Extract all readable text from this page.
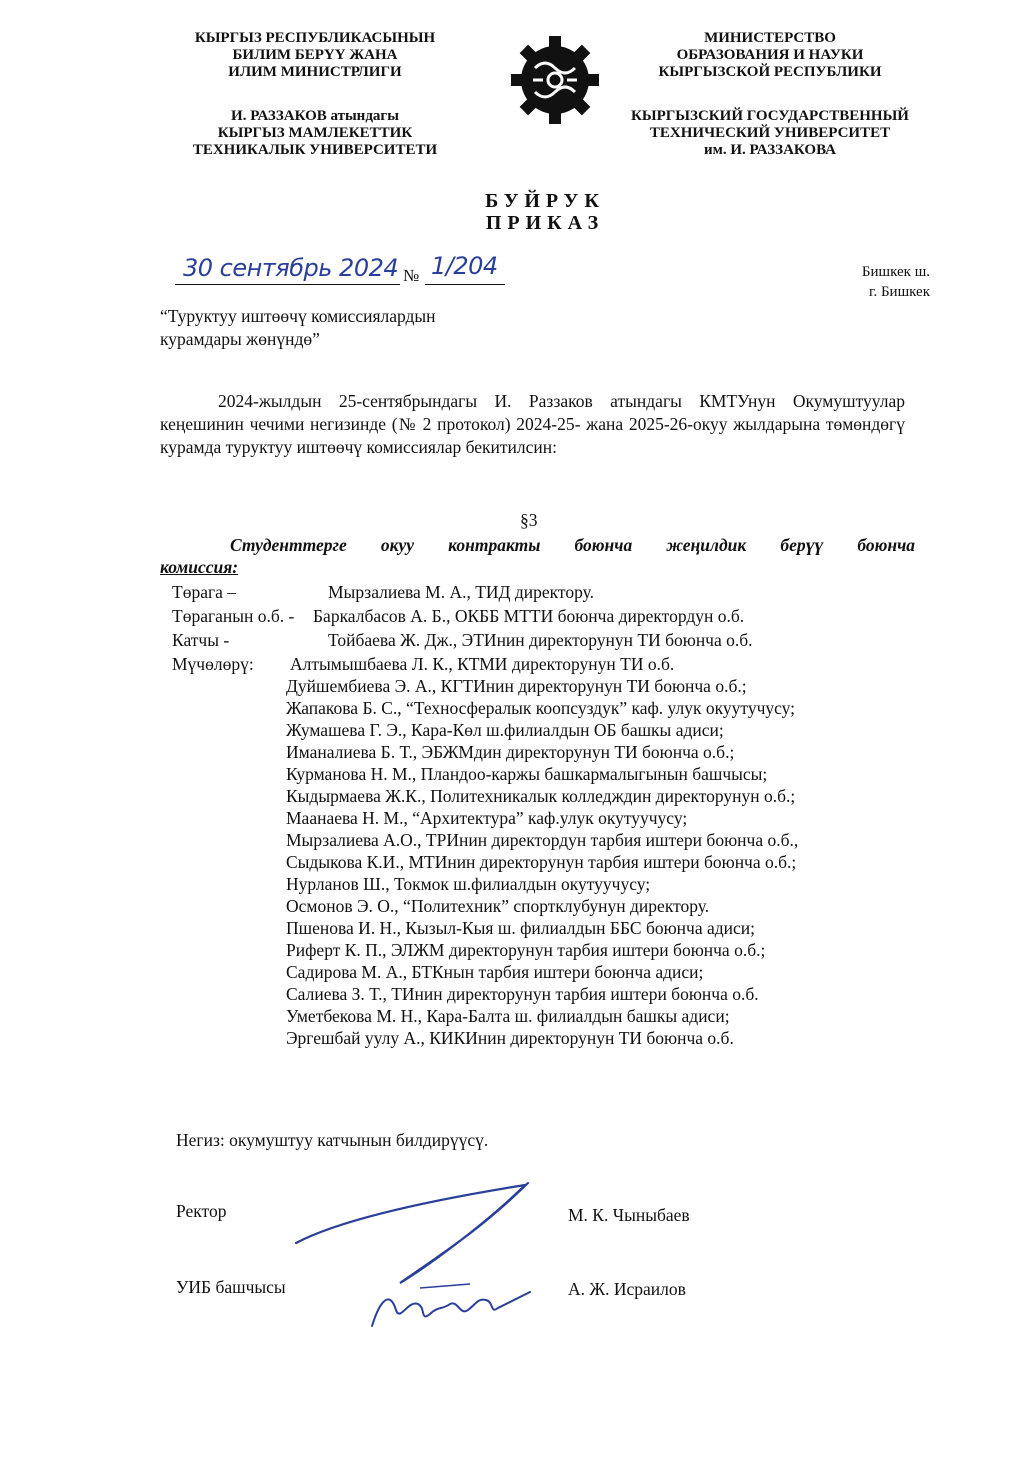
КЫРГЫЗ РЕСПУБЛИКАСЫНЫН
БИЛИМ БЕРҮҮ ЖАНА
ИЛИМ МИНИСТРЛИГИ
И. РАЗЗАКОВ атындагы
КЫРГЫЗ МАМЛЕКЕТТИК
ТЕХНИКАЛЫК УНИВЕРСИТЕТИ
МИНИСТЕРСТВО
ОБРАЗОВАНИЯ И НАУКИ
КЫРГЫЗСКОЙ РЕСПУБЛИКИ
КЫРГЫЗСКИЙ ГОСУДАРСТВЕННЫЙ
ТЕХНИЧЕСКИЙ УНИВЕРСИТЕТ
им. И. РАЗЗАКОВА
БУЙРУК
ПРИКАЗ
30 сентябрь 2024 № 1/204	Бишкек ш.
г. Бишкек
“Туруктуу иштөөчү комиссиялардын
курамдары жөнүндө”
2024-жылдын 25-сентябрындагы И. Раззаков атындагы КМТУнун Окумуштуулар кеңешинин чечими негизинде (№ 2 протокол) 2024-25- жана 2025-26-окуу жылдарына төмөндөгү курамда туруктуу иштөөчү комиссиялар бекитилсин:
§3
Студенттерге окуу контракты боюнча жеңилдик берүү боюнча
комиссия:
Төрага –	Мырзалиева М. А., ТИД директору.
Төраганын о.б. - Баркалбасов А. Б., ОКББ МТТИ боюнча директордун о.б.
Катчы -	Тойбаева Ж. Дж., ЭТИнин директорунун ТИ боюнча о.б.
Мүчөлөрү: Алтымышбаева Л. К., КТМИ директорунун ТИ о.б.
Дуйшембиева Э. А., КГТИнин директорунун ТИ боюнча о.б.;
Жапакова Б. С., “Техносфералык коопсуздук” каф. улук окуутучусу;
Жумашева Г. Э., Кара-Көл ш.филиалдын ОБ башкы адиси;
Иманалиева Б. Т., ЭБЖМдин директорунун ТИ боюнча о.б.;
Курманова Н. М., Пландоо-каржы башкармалыгынын башчысы;
Кыдырмаева Ж.К., Политехникалык колледждин директорунун о.б.;
Маанаева Н. М., “Архитектура” каф.улук окутуучусу;
Мырзалиева А.О., ТРИнин директордун тарбия иштери боюнча о.б.,
Сыдыкова К.И., МТИнин директорунун тарбия иштери боюнча о.б.;
Нурланов Ш., Токмок ш.филиалдын окутуучусу;
Осмонов Э. О., “Политехник” спортклубунун директору.
Пшенова И. Н., Кызыл-Кыя ш. филиалдын ББС боюнча адиси;
Риферт К. П., ЭЛЖМ директорунун тарбия иштери боюнча о.б.;
Садирова М. А., БТКнын тарбия иштери боюнча адиси;
Салиева З. Т., ТИнин директорунун тарбия иштери боюнча о.б.
Уметбекова М. Н., Кара-Балта ш. филиалдын башкы адиси;
Эргешбай уулу А., КИКИнин директорунун ТИ боюнча о.б.
Негиз: окумуштуу катчынын билдирүүсү.
Ректор	М. К. Чыныбаев
УИБ башчысы	А. Ж. Исраилов
